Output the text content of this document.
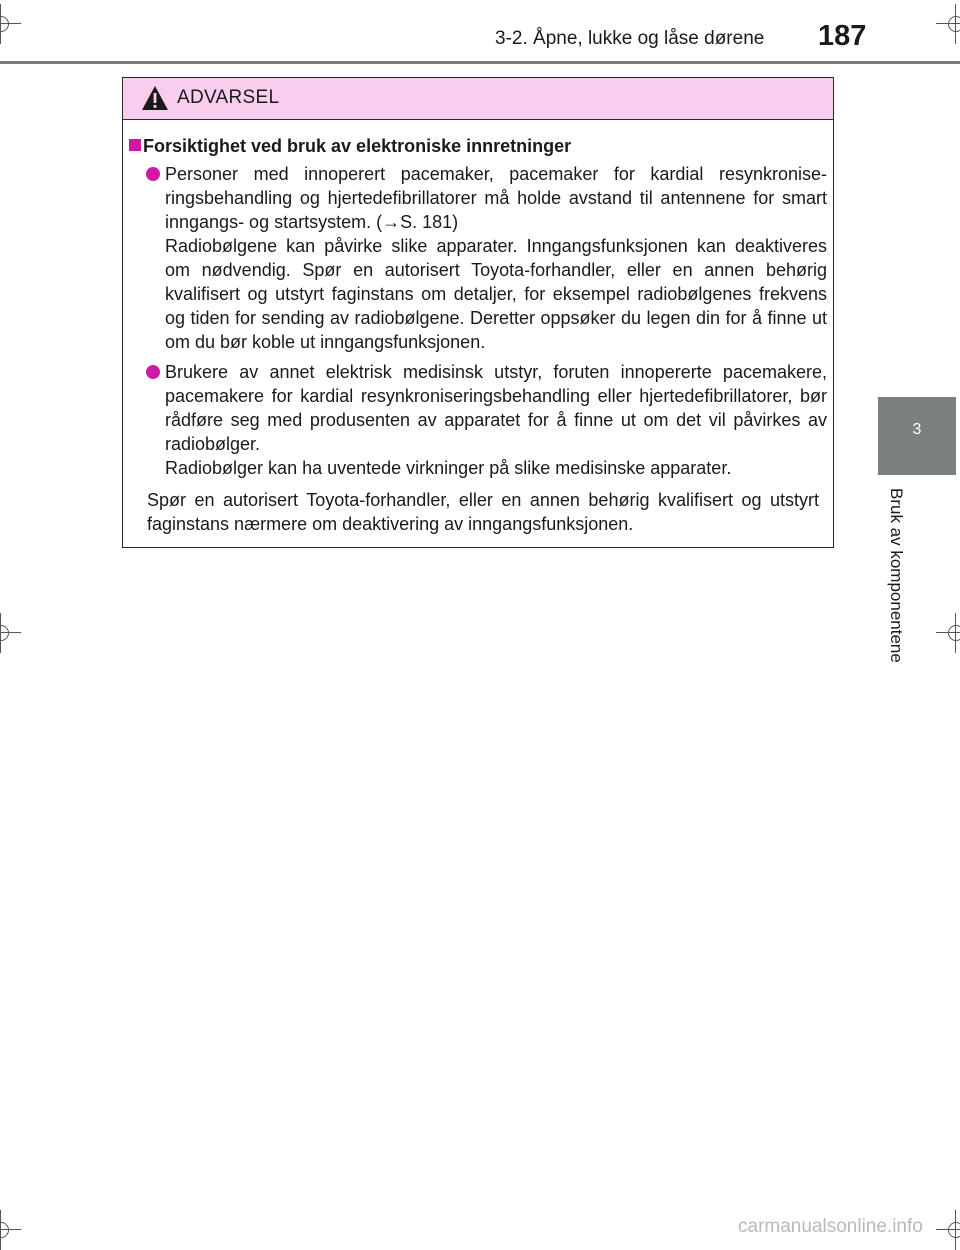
3-2. Åpne, lukke og låse dørene 187
3
Bruk av komponentene
ADVARSEL
Forsiktighet ved bruk av elektroniske innretninger

Personer med innoperert pacemaker, pacemaker for kardial resynkroniseringsbehandling og hjertedefibrillatorer må holde avstand til antennene for smart inngangs- og startsystem. (→S. 181)

Radiobølgene kan påvirke slike apparater. Inngangsfunksjonen kan deaktiveres om nødvendig. Spør en autorisert Toyota-forhandler, eller en annen behørig kvalifisert og utstyrt faginstans om detaljer, for eksempel radiobølgenes frekvens og tiden for sending av radiobølgene. Deretter oppsøker du legen din for å finne ut om du bør koble ut inngangsfunksjonen.

Brukere av annet elektrisk medisinsk utstyr, foruten innopererte pacemakere, pacemakere for kardial resynkroniseringsbehandling eller hjertedefibrillatorer, bør rådføre seg med produsenten av apparatet for å finne ut om det vil påvirkes av radiobølger.

Radiobølger kan ha uventede virkninger på slike medisinske apparater.

Spør en autorisert Toyota-forhandler, eller en annen behørig kvalifisert og utstyrt faginstans nærmere om deaktivering av inngangsfunksjonen.

carmanualsonline.info
